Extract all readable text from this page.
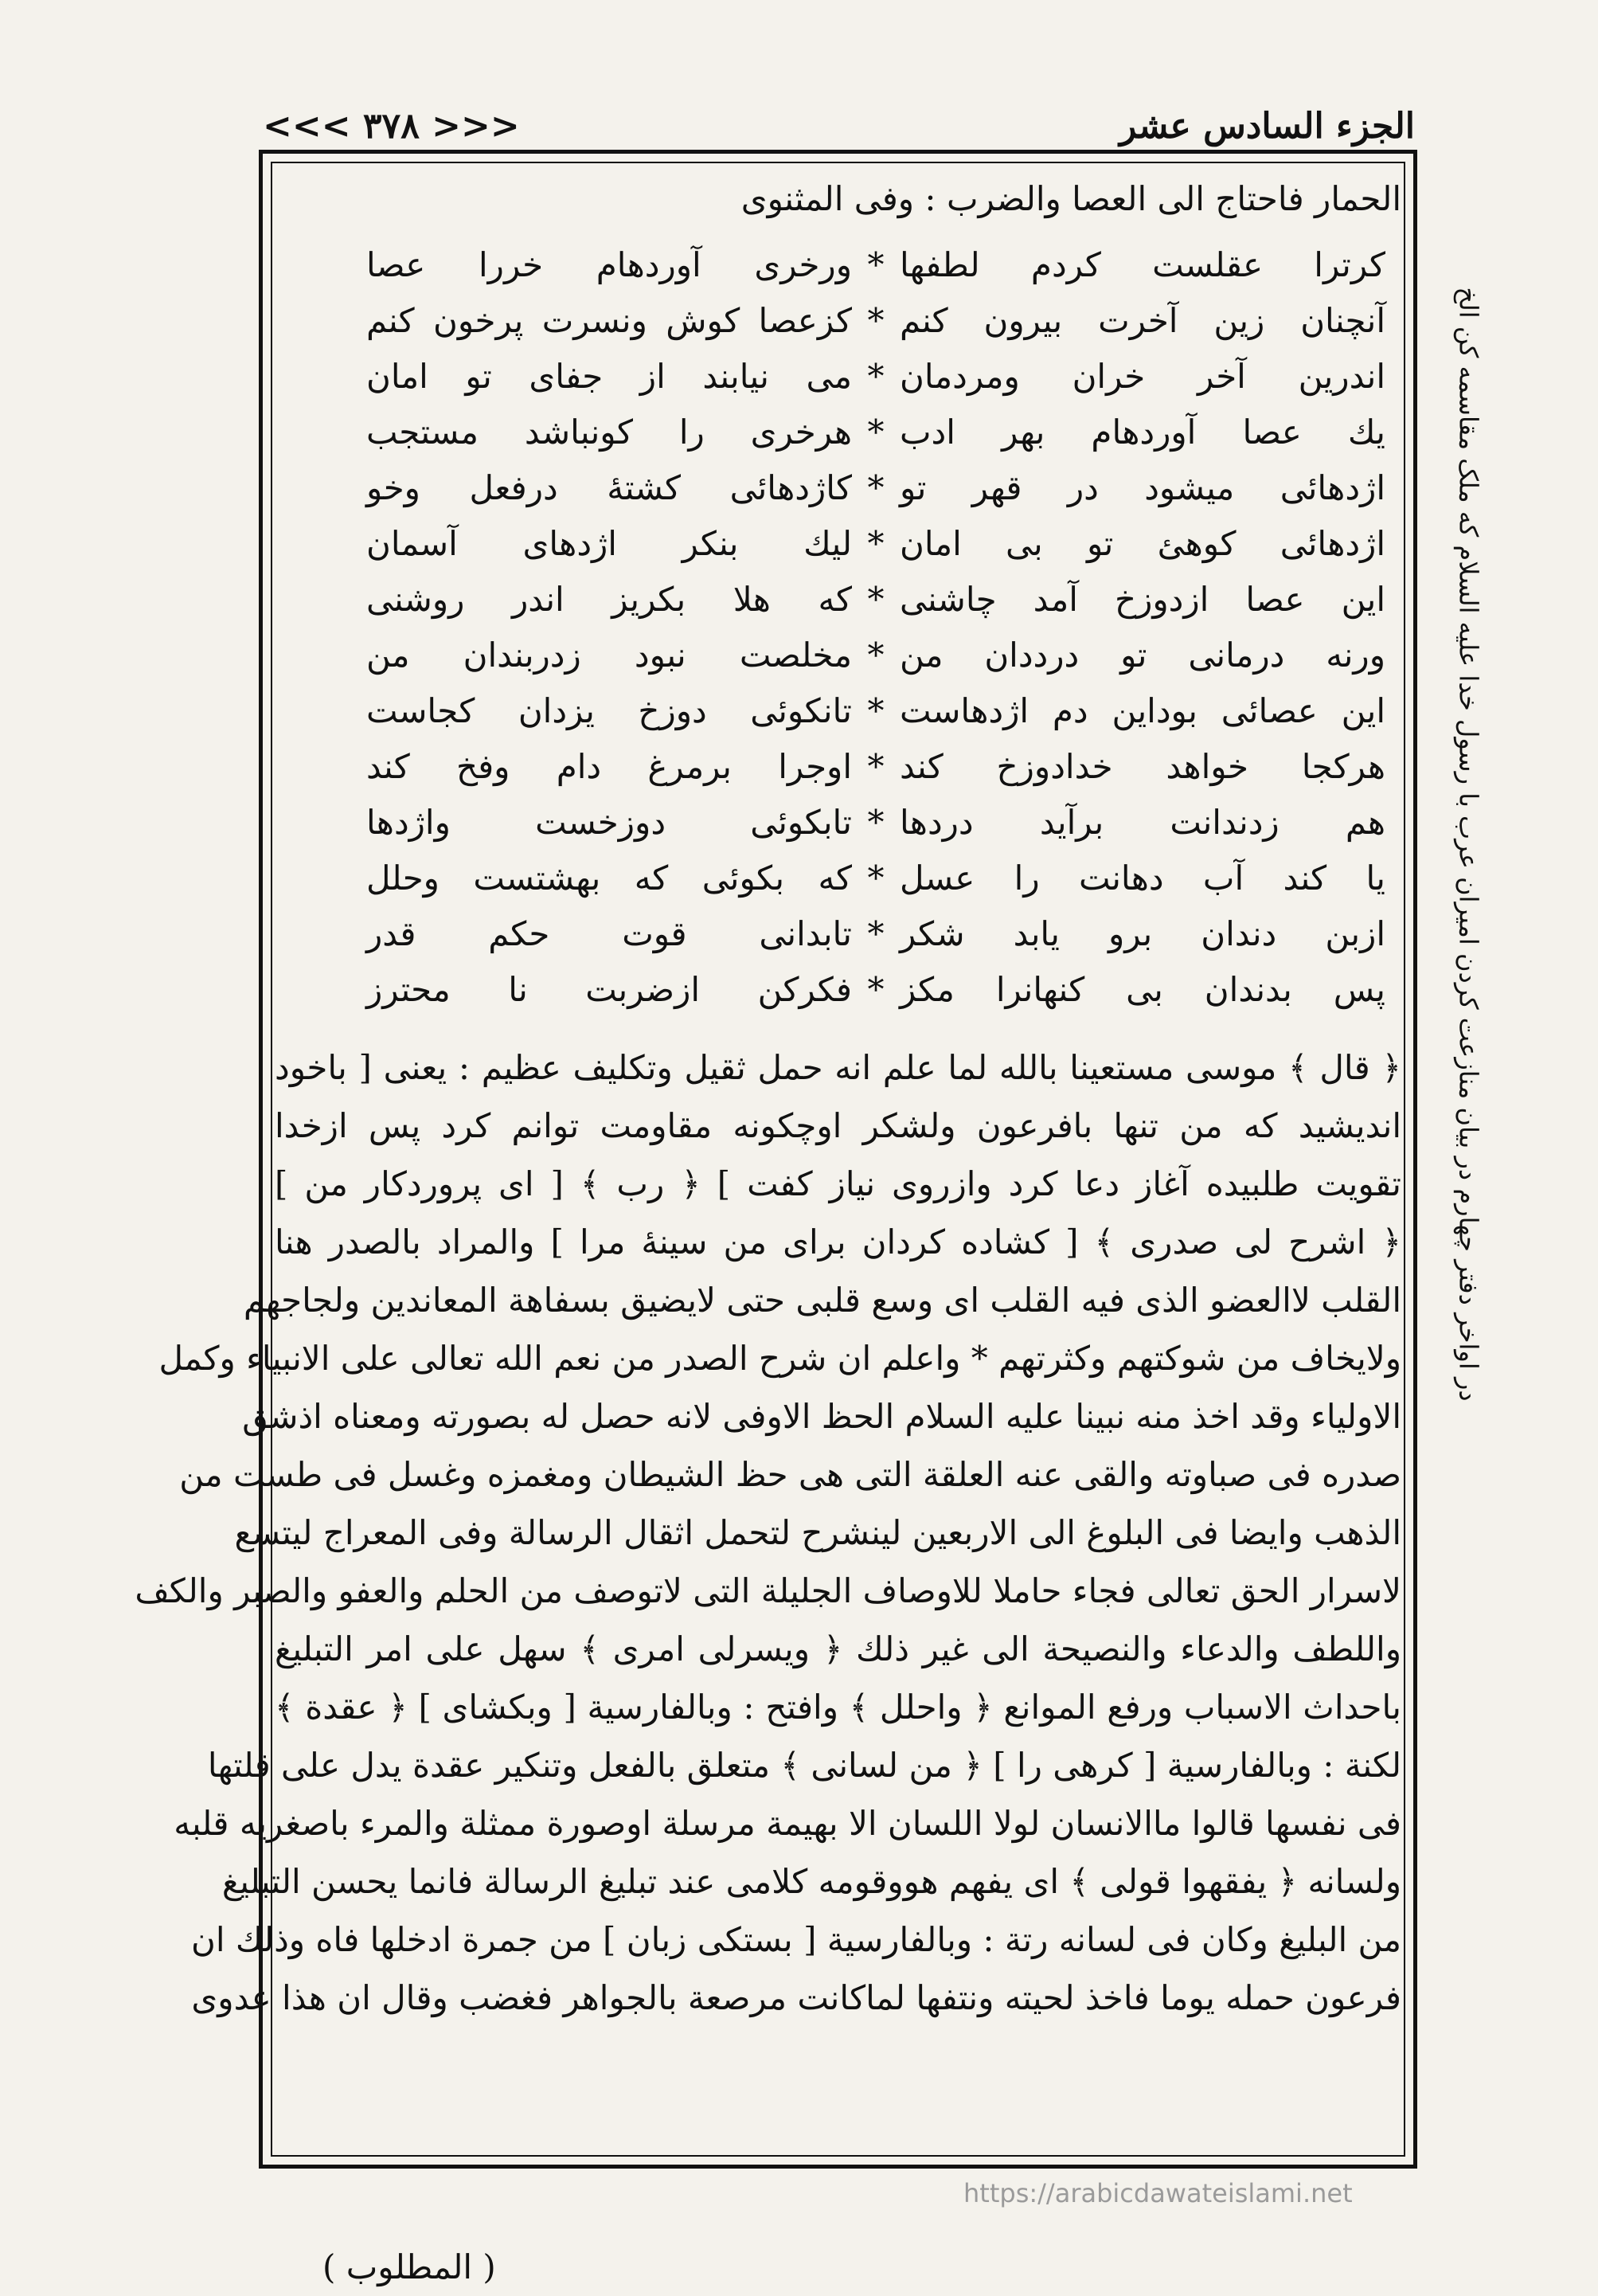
الجزء السادس عشر
<<< ۳۷۸ >>>
در اواخر دفتر چهارم در بیان منازعت کردن امیران عرب با رسول خدا علیه السلام که ملک مقاسمه کن الخ
الحمار فاحتاج الى العصا والضرب : وفى المثنوى
كرترا عقلست كردم لطفها
*
ورخرى آوردهام خررا عصا
آنچنان زين آخرت بيرون كنم
*
كزعصا كوش ونسرت پرخون كنم
اندرين آخر خران ومردمان
*
مى نيابند از جفاى تو امان
يك عصا آوردهام بهر ادب
*
هرخرى را كونباشد مستجب
اژدهائى ميشود در قهر تو
*
كاژدهائى كشتهٔ درفعل وخو
اژدهائى كوهئ تو بى امان
*
ليك بنكر اژدهاى آسمان
اين عصا ازدوزخ آمد چاشنى
*
كه هلا بكريز اندر روشنى
ورنه درمانى تو درددان من
*
مخلصت نبود زدربندان من
اين عصائى بوداين دم اژدهاست
*
تانكوئى دوزخ يزدان كجاست
هركجا خواهد خدادوزخ كند
*
اوجرا برمرغ دام وفخ كند
هم زدندانت برآيد دردها
*
تابكوئى دوزخست واژدها
يا كند آب دهانت را عسل
*
كه بكوئى كه بهشتست وحلل
ازبن دندان برو يابد شكر
*
تابدانى قوت حكم قدر
پس بدندان بى كنهانرا مكز
*
فكركن ازضربت نا محترز
﴿ قال ﴾ موسى مستعينا بالله لما علم انه حمل ثقيل وتكليف عظيم : يعنى [ باخود
انديشيد كه من تنها بافرعون ولشكر اوچكونه مقاومت توانم كرد پس ازخدا
تقويت طلبيده آغاز دعا كرد وازروى نياز كفت ] ﴿ رب ﴾ [ اى پروردكار من ]
﴿ اشرح لى صدرى ﴾ [ كشاده كردان براى من سينهٔ مرا ] والمراد بالصدر هنا
القلب لاالعضو الذى فيه القلب اى وسع قلبى حتى لايضيق بسفاهة المعاندين ولجاجهم
ولايخاف من شوكتهم وكثرتهم * واعلم ان شرح الصدر من نعم الله تعالى على الانبياء وكمل
الاولياء وقد اخذ منه نبينا عليه السلام الحظ الاوفى لانه حصل له بصورته ومعناه اذشق
صدره فى صباوته والقى عنه العلقة التى هى حظ الشيطان ومغمزه وغسل فى طست من
الذهب وايضا فى البلوغ الى الاربعين لينشرح لتحمل اثقال الرسالة وفى المعراج ليتسع
لاسرار الحق تعالى فجاء حاملا للاوصاف الجليلة التى لاتوصف من الحلم والعفو والصبر والكف
واللطف والدعاء والنصيحة الى غير ذلك ﴿ ويسرلى امرى ﴾ سهل على امر التبليغ
باحداث الاسباب ورفع الموانع ﴿ واحلل ﴾ وافتح : وبالفارسية [ وبكشاى ] ﴿ عقدة ﴾
لكنة : وبالفارسية [ كرهى را ] ﴿ من لسانى ﴾ متعلق بالفعل وتنكير عقدة يدل على قلتها
فى نفسها قالوا ماالانسان لولا اللسان الا بهيمة مرسلة اوصورة ممثلة والمرء باصغريه قلبه
ولسانه ﴿ يفقهوا قولى ﴾ اى يفهم هووقومه كلامى عند تبليغ الرسالة فانما يحسن التبليغ
من البليغ وكان فى لسانه رتة : وبالفارسية [ بستكى زبان ] من جمرة ادخلها فاه وذلك ان
فرعون حمله يوما فاخذ لحيته ونتفها لماكانت مرصعة بالجواهر فغضب وقال ان هذا عدوى
https://arabicdawateislami.net
( المطلوب )
